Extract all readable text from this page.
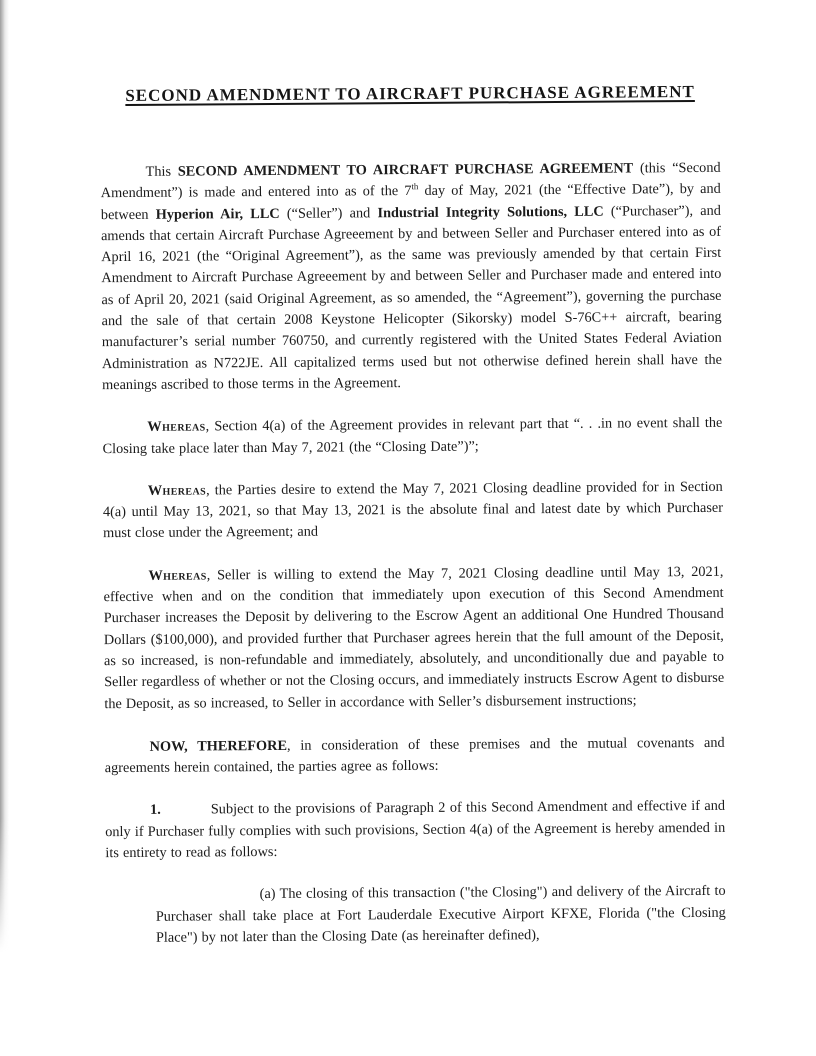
SECOND AMENDMENT TO AIRCRAFT PURCHASE AGREEMENT

This SECOND AMENDMENT TO AIRCRAFT PURCHASE AGREEMENT (this “Second Amendment”) is made and entered into as of the 7th day of May, 2021 (the “Effective Date”), by and between Hyperion Air, LLC (“Seller”) and Industrial Integrity Solutions, LLC (“Purchaser”), and amends that certain Aircraft Purchase Agreeement by and between Seller and Purchaser entered into as of April 16, 2021 (the “Original Agreement”), as the same was previously amended by that certain First Amendment to Aircraft Purchase Agreeement by and between Seller and Purchaser made and entered into as of April 20, 2021 (said Original Agreement, as so amended, the “Agreement”), governing the purchase and the sale of that certain 2008 Keystone Helicopter (Sikorsky) model S-76C++ aircraft, bearing manufacturer’s serial number 760750, and currently registered with the United States Federal Aviation Administration as N722JE. All capitalized terms used but not otherwise defined herein shall have the meanings ascribed to those terms in the Agreement.

Whereas, Section 4(a) of the Agreement provides in relevant part that “. . .in no event shall the Closing take place later than May 7, 2021 (the “Closing Date”)”;

Whereas, the Parties desire to extend the May 7, 2021 Closing deadline provided for in Section 4(a) until May 13, 2021, so that May 13, 2021 is the absolute final and latest date by which Purchaser must close under the Agreement; and

Whereas, Seller is willing to extend the May 7, 2021 Closing deadline until May 13, 2021, effective when and on the condition that immediately upon execution of this Second Amendment Purchaser increases the Deposit by delivering to the Escrow Agent an additional One Hundred Thousand Dollars ($100,000), and provided further that Purchaser agrees herein that the full amount of the Deposit, as so increased, is non-refundable and immediately, absolutely, and unconditionally due and payable to Seller regardless of whether or not the Closing occurs, and immediately instructs Escrow Agent to disburse the Deposit, as so increased, to Seller in accordance with Seller’s disbursement instructions;

NOW, THEREFORE, in consideration of these premises and the mutual covenants and agreements herein contained, the parties agree as follows:

1.    Subject to the provisions of Paragraph 2 of this Second Amendment and effective if and only if Purchaser fully complies with such provisions, Section 4(a) of the Agreement is hereby amended in its entirety to read as follows:

(a) The closing of this transaction ("the Closing") and delivery of the Aircraft to Purchaser shall take place at Fort Lauderdale Executive Airport KFXE, Florida ("the Closing Place") by not later than the Closing Date (as hereinafter defined),
